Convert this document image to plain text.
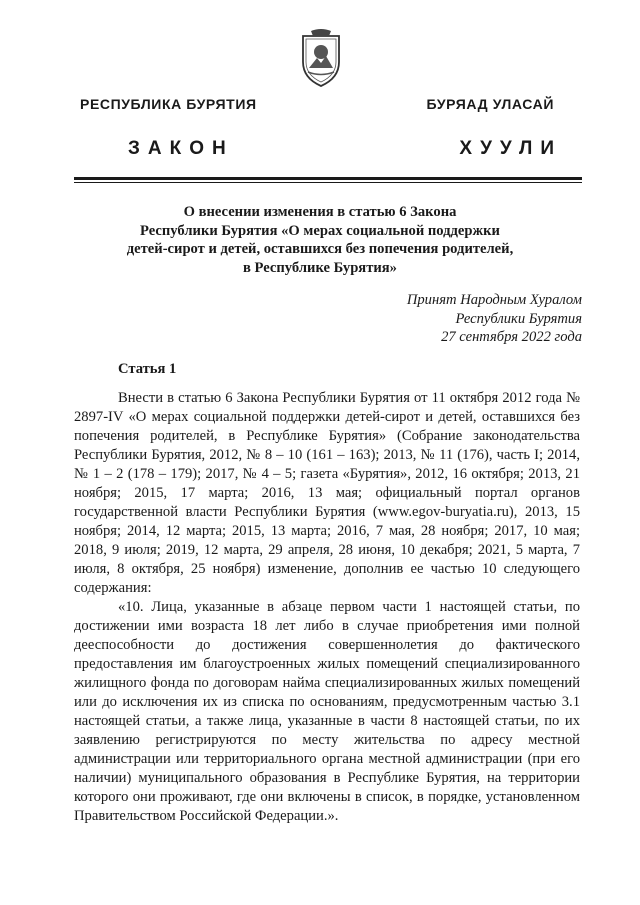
РЕСПУБЛИКА БУРЯТИЯ	БУРЯАД УЛАСАЙ
ЗАКОН	ХУУЛИ
О внесении изменения в статью 6 Закона
Республики Бурятия «О мерах социальной поддержки
детей-сирот и детей, оставшихся без попечения родителей,
в Республике Бурятия»
Принят Народным Хуралом
Республики Бурятия
27 сентября 2022 года
Статья 1

Внести в статью 6 Закона Республики Бурятия от 11 октября 2012 года № 2897-IV «О мерах социальной поддержки детей-сирот и детей, оставшихся без попечения родителей, в Республике Бурятия» (Собрание законодательства Республики Бурятия, 2012, № 8 – 10 (161 – 163); 2013, № 11 (176), часть I; 2014, № 1 – 2 (178 – 179); 2017, № 4 – 5; газета «Бурятия», 2012, 16 октября; 2013, 21 ноября; 2015, 17 марта; 2016, 13 мая; официальный портал органов государственной власти Республики Бурятия (www.egov-buryatia.ru), 2013, 15 ноября; 2014, 12 марта; 2015, 13 марта; 2016, 7 мая, 28 ноября; 2017, 10 мая; 2018, 9 июля; 2019, 12 марта, 29 апреля, 28 июня, 10 декабря; 2021, 5 марта, 7 июля, 8 октября, 25 ноября) изменение, дополнив ее частью 10 следующего содержания:

«10. Лица, указанные в абзаце первом части 1 настоящей статьи, по достижении ими возраста 18 лет либо в случае приобретения ими полной дееспособности до достижения совершеннолетия до фактического предоставления им благоустроенных жилых помещений специализированного жилищного фонда по договорам найма специализированных жилых помещений или до исключения их из списка по основаниям, предусмотренным частью 3.1 настоящей статьи, а также лица, указанные в части 8 настоящей статьи, по их заявлению регистрируются по месту жительства по адресу местной администрации или территориального органа местной администрации (при его наличии) муниципального образования в Республике Бурятия, на территории которого они проживают, где они включены в список, в порядке, установленном Правительством Российской Федерации.».
